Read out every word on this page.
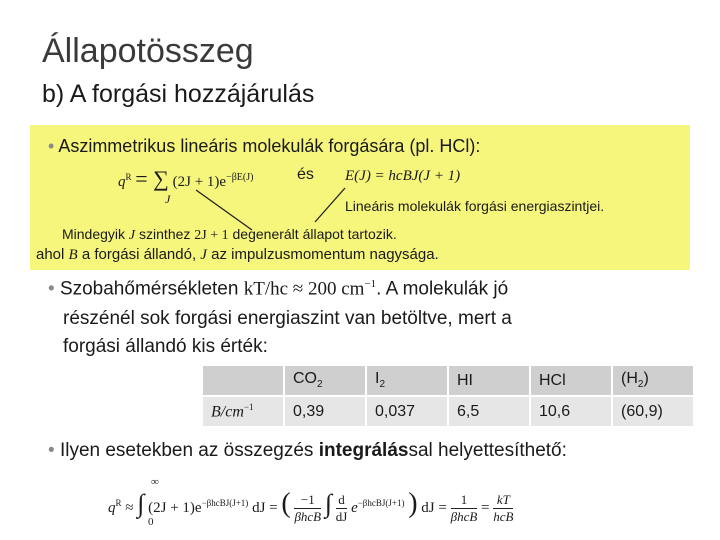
Állapotösszeg
b) A forgási hozzájárulás
• Aszimmetrikus lineáris molekulák forgására (pl. HCl):
$q^R$ = ∑ $(2J + 1)e^{-\beta E(J)}$
J
és E(J) = hcBJ(J + 1)
Lineáris molekulák forgási energiaszintjei.
Mindegyik J szinthez 2J + 1 degenerált állapot tartozik.
ahol B a forgási állandó, J az impulzusmomentum nagysága.
• Szobahőmérsékleten kT/hc ≈ 200 $cm^{-1}$. A molekulák jó
részénél sok forgási energiaszint van betöltve, mert a
forgási állandó kis érték:
	$CO_2$	$I_2$	HI	HCl	$(H_2)$
$B/cm^{-1}$	0,39	0,037	6,5	10,6	(60,9)
• Ilyen esetekben az összegzés integrálással helyettesíthető:
$q^R$ ≈ ∫ $(2J + 1)e^{-\beta hcBJ(J+1)}$ dJ = ( −1
βhcB ∫ $\frac{d}{dJ} e^{-\beta hcBJ(J+1)}$ ) dJ =
1
βhcB
=
kT
hcB
∞
0
